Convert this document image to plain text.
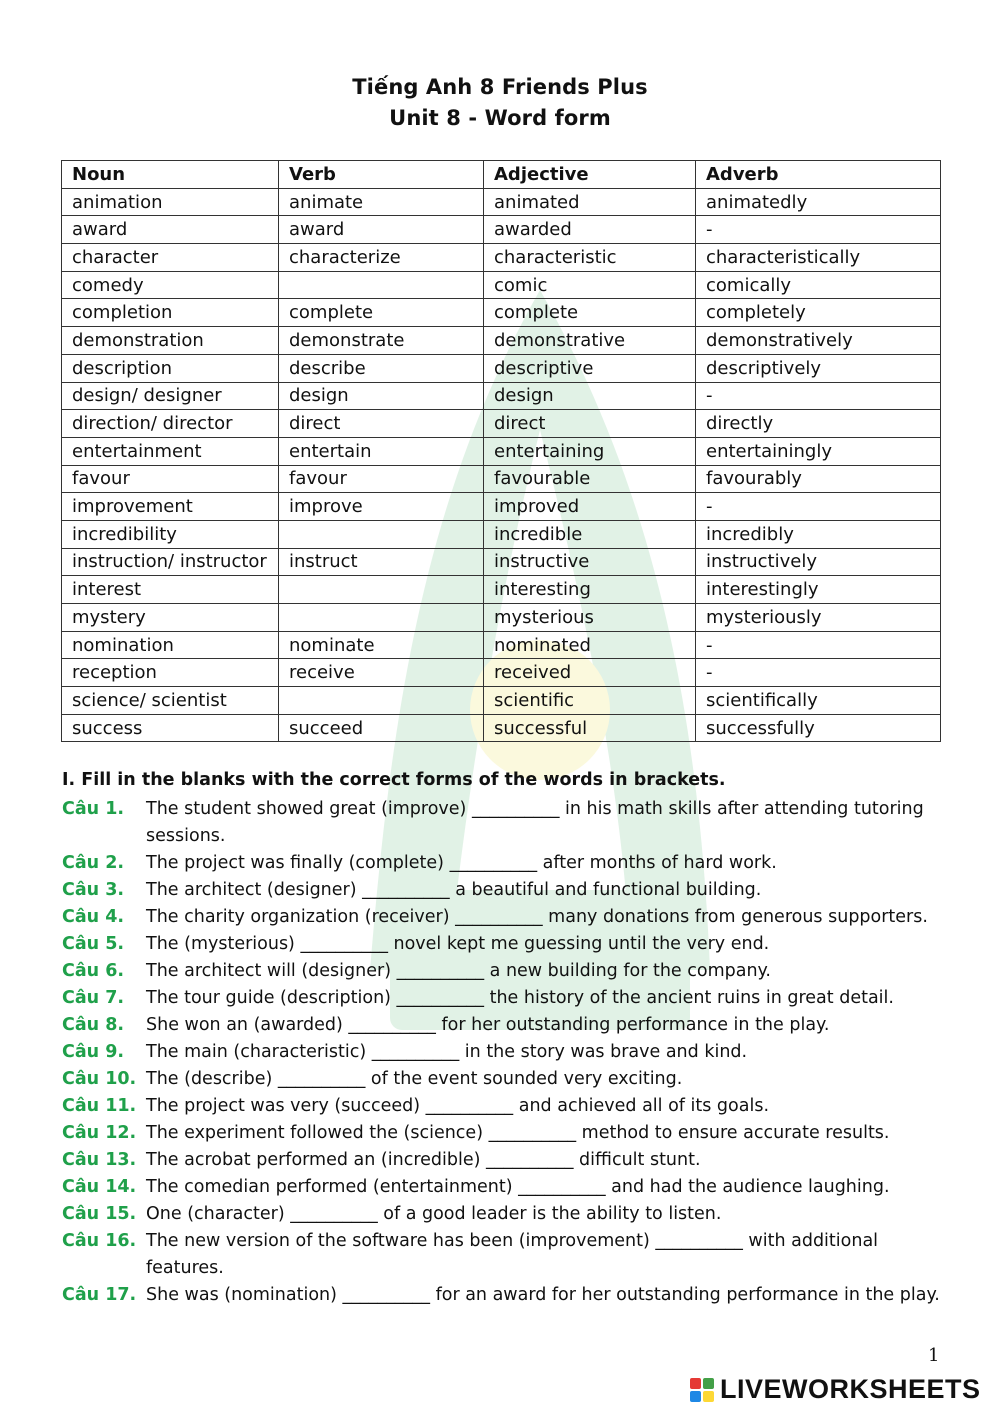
Tiếng Anh 8 Friends Plus
Unit 8 - Word form
Noun	Verb	Adjective	Adverb
animation	animate	animated	animatedly
award	award	awarded	-
character	characterize	characteristic	characteristically
comedy		comic	comically
completion	complete	complete	completely
demonstration	demonstrate	demonstrative	demonstratively
description	describe	descriptive	descriptively
design/ designer	design	design	-
direction/ director	direct	direct	directly
entertainment	entertain	entertaining	entertainingly
favour	favour	favourable	favourably
improvement	improve	improved	-
incredibility		incredible	incredibly
instruction/ instructor	instruct	instructive	instructively
interest		interesting	interestingly
mystery		mysterious	mysteriously
nomination	nominate	nominated	-
reception	receive	received	-
science/ scientist		scientific	scientifically
success	succeed	successful	successfully
I. Fill in the blanks with the correct forms of the words in brackets.
Câu 1.	The student showed great (improve) __________ in his math skills after attending tutoring sessions.
Câu 2.	The project was finally (complete) __________ after months of hard work.
Câu 3.	The architect (designer) __________ a beautiful and functional building.
Câu 4.	The charity organization (receiver) __________ many donations from generous supporters.
Câu 5.	The (mysterious) __________ novel kept me guessing until the very end.
Câu 6.	The architect will (designer) __________ a new building for the company.
Câu 7.	The tour guide (description) __________ the history of the ancient ruins in great detail.
Câu 8.	She won an (awarded) __________ for her outstanding performance in the play.
Câu 9.	The main (characteristic) __________ in the story was brave and kind.
Câu 10. The (describe) __________ of the event sounded very exciting.
Câu 11. The project was very (succeed) __________ and achieved all of its goals.
Câu 12. The experiment followed the (science) __________ method to ensure accurate results.
Câu 13. The acrobat performed an (incredible) __________ difficult stunt.
Câu 14. The comedian performed (entertainment) __________ and had the audience laughing.
Câu 15. One (character) __________ of a good leader is the ability to listen.
Câu 16. The new version of the software has been (improvement) __________ with additional features.
Câu 17. She was (nomination) __________ for an award for her outstanding performance in the play.
1
LIVEWORKSHEETS
